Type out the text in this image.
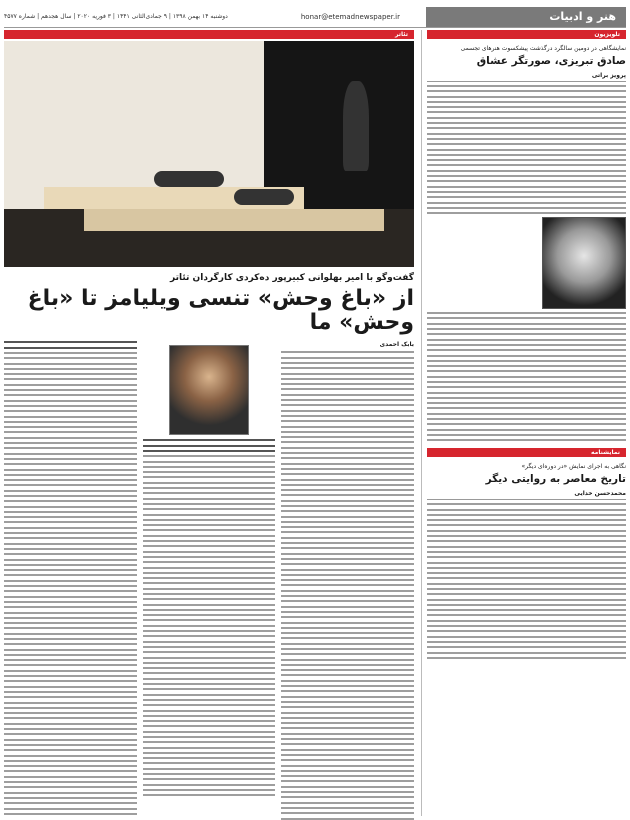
هنر و ادبیات
honar@etemadnewspaper.ir
دوشنبه ۱۴ بهمن ۱۳۹۸ | ۹ جمادی‌الثانی ۱۴۴۱ | ۳ فوریه ۲۰۲۰ | سال هجدهم | شماره ۴۵۷۷
تلویزیون
نمایشگاهی در دومین سالگرد درگذشت پیشکسوت هنرهای تجسمی
صادق تبریزی، صورتگر عشاق
پرویز براتی
نمایشنامه
نگاهی به اجرای نمایش «در دوره‌ای دیگر»
تاریخ معاصر به روایتی دیگر
محمدحسن خدایی
تئاتر
گفت‌وگو با امیر بهلوانی کبیرپور ده‌کردی کارگردان تئاتر
از «باغ وحش» تنسی ویلیامز تا «باغ وحش» ما
بابک احمدی
